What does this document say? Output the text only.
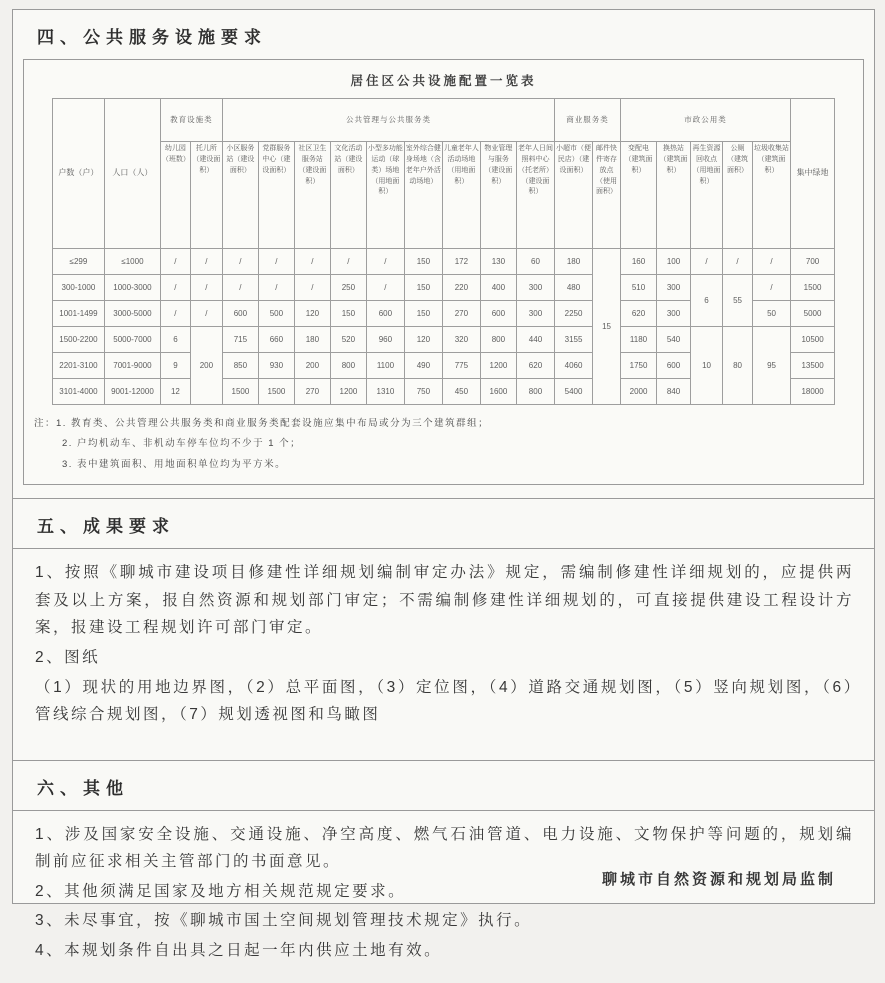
四、公共服务设施要求
居住区公共设施配置一览表
户数（户）	人口（人）	教育设施类		公共管理与公共服务类									商业服务类		市政公用类					集中绿地
		幼儿园（班数）	托儿所（建设面积）	小区服务站（建设面积）	党群服务中心（建设面积）	社区卫生服务站（建设面积）	文化活动站（建设面积）	小型多功能运动（球类）场地（用地面积）	室外综合健身场地（含老年户外活动场地）	儿童老年人活动场地（用地面积）	物业管理与服务（建设面积）	老年人日间照料中心（托老所）（建设面积）	小超市（便民店）（建设面积）	邮件快件寄存放点（使用面积）	变配电（建筑面积）	换热站（建筑面积）	再生资源回收点（用地面积）	公厕（建筑面积）	垃圾收集站（建筑面积）	
≤299	≤1000	/	/	/	/	/	/	/	150	172	130	60	180	15	160	100	/	/	/	700
300-1000	1000-3000	/	/	/	/	/	250	/	150	220	400	300	480		510	300	6	55	/	1500
1001-1499	3000-5000	/	/	600	500	120	150	600	150	270	600	300	2250		620	300			50	5000
1500-2200	5000-7000	6	200	715	660	180	520	960	120	320	800	440	3155		1180	540	10	80	95	10500
2201-3100	7001-9000	9		850	930	200	800	1100	490	775	1200	620	4060		1750	600				13500
3101-4000	9001-12000	12		1500	1500	270	1200	1310	750	450	1600	800	5400		2000	840				18000

注：1. 教育类、公共管理公共服务类和商业服务类配套设施应集中布局或分为三个建筑群组；

2. 户均机动车、非机动车停车位均不少于 1 个；

3. 表中建筑面积、用地面积单位均为平方米。

五、成果要求

1、按照《聊城市建设项目修建性详细规划编制审定办法》规定，需编制修建性详细规划的，应提供两套及以上方案，报自然资源和规划部门审定；不需编制修建性详细规划的，可直接提供建设工程设计方案，报建设工程规划许可部门审定。

2、图纸

（1）现状的用地边界图，（2）总平面图，（3）定位图，（4）道路交通规划图，（5）竖向规划图，（6）管线综合规划图，（7）规划透视图和鸟瞰图

六、其他

1、涉及国家安全设施、交通设施、净空高度、燃气石油管道、电力设施、文物保护等问题的，规划编制前应征求相关主管部门的书面意见。

2、其他须满足国家及地方相关规范规定要求。

3、未尽事宜，按《聊城市国土空间规划管理技术规定》执行。

4、本规划条件自出具之日起一年内供应土地有效。

聊城市自然资源和规划局监制
